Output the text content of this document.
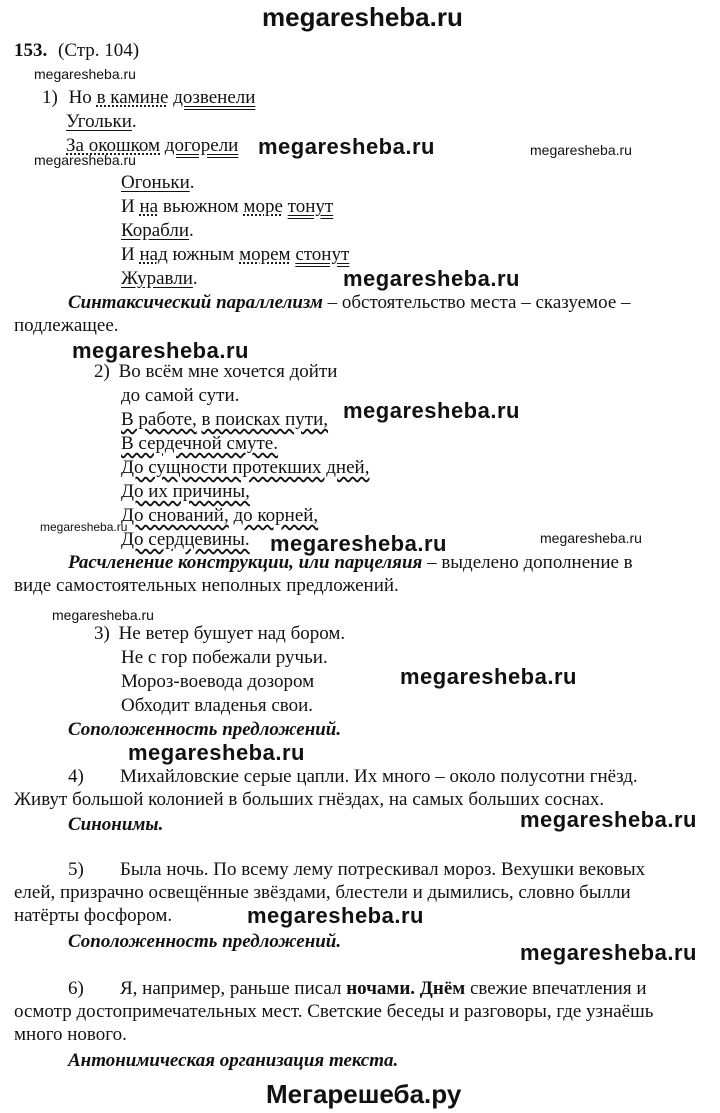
megaresheba.ru
153. (Стр. 104)
megaresheba.ru
1) Но в камине дозвенели
Угольки.
megaresheba.ru
За окошком догорели megaresheba.ru	megaresheba.ru
Огоньки.
И на вьюжном море тонут
Корабли.
И над южным морем стонут
Журавли.	megaresheba.ru
Синтаксический параллелизм – обстоятельство места – сказуемое –
подлежащее.
megaresheba.ru
2) Во всём мне хочется дойти
до самой сути.
В работе, в поисках пути, megaresheba.ru
В сердечной смуте.
До сущности протекших дней,
До их причины,
До снований, до корней,
megaresheba.ru
megaresheba.ru
До сердцевины. megaresheba.ru
Расчленение конструкции, или парцеляия – выделено дополнение в
виде самостоятельных неполных предложений.
megaresheba.ru
3) Не ветер бушует над бором.
Не с гор побежали ручьи.
Мороз-воевода дозором	megaresheba.ru
Обходит владенья свои.
Соположенность предложений.
megaresheba.ru
4)	Михайловские серые цапли. Их много – около полусотни гнёзд.
Живут большой колонией в больших гнёздах, на самых больших соснах.
Синонимы.	megaresheba.ru
5)	Была ночь. По всему лему потрескивал мороз. Вехушки вековых
елей, призрачно освещённые звёздами, блестели и дымились, словно былли
натёрты фосфором.	megaresheba.ru
Соположенность предложений.	megaresheba.ru
6)	Я, например, раньше писал ночами. Днём свежие впечатления и
осмотр достопримечательных мест. Светские беседы и разговоры, где узнаёшь
много нового.
Антонимическая организация текста.
Мегарешеба.ру
